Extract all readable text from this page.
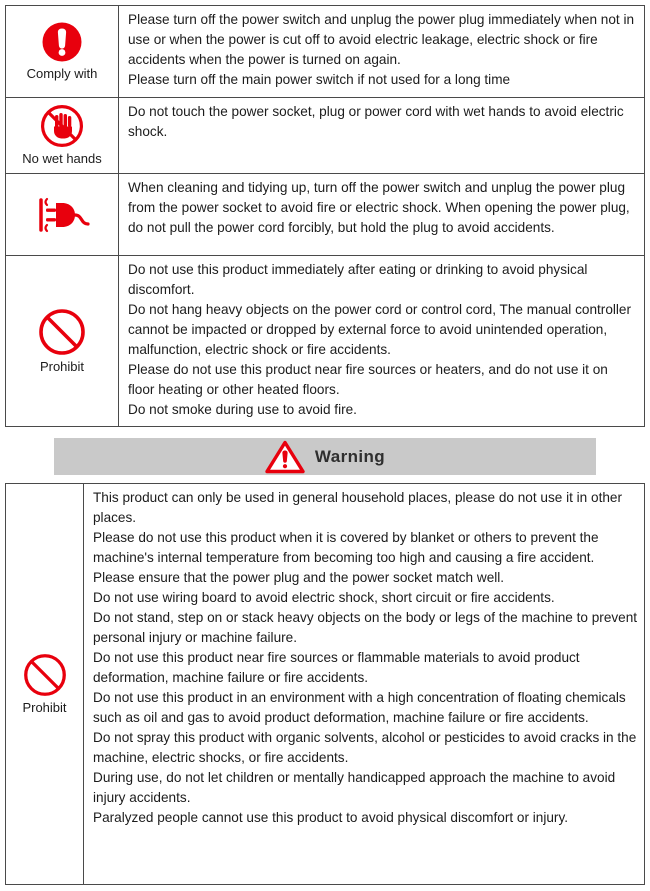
Comply with

Please turn off the power switch and unplug the power plug immediately when not in use or when the power is cut off to avoid electric leakage, electric shock or fire accidents when the power is turned on again.

Please turn off the main power switch if not used for a long time

No wet hands

Do not touch the power socket, plug or power cord with wet hands to avoid electric shock.

When cleaning and tidying up, turn off the power switch and unplug the power plug from the power socket to avoid fire or electric shock. When opening the power plug, do not pull the power cord forcibly, but hold the plug to avoid accidents.

Prohibit

Do not use this product immediately after eating or drinking to avoid physical discomfort.

Do not hang heavy objects on the power cord or control cord, The manual controller cannot be impacted or dropped by external force to avoid unintended operation, malfunction, electric shock or fire accidents.

Please do not use this product near fire sources or heaters, and do not use it on floor heating or other heated floors.

Do not smoke during use to avoid fire.

Warning
Prohibit

This product can only be used in general household places, please do not use it in other places.

Please do not use this product when it is covered by blanket or others to prevent the machine's internal temperature from becoming too high and causing a fire accident.

Please ensure that the power plug and the power socket match well.

Do not use wiring board to avoid electric shock, short circuit or fire accidents.

Do not stand, step on or stack heavy objects on the body or legs of the machine to prevent personal injury or machine failure.

Do not use this product near fire sources or flammable materials to avoid product deformation, machine failure or fire accidents.

Do not use this product in an environment with a high concentration of floating chemicals such as oil and gas to avoid product deformation, machine failure or fire accidents.

Do not spray this product with organic solvents, alcohol or pesticides to avoid cracks in the machine, electric shocks, or fire accidents.

During use, do not let children or mentally handicapped approach the machine to avoid injury accidents.

Paralyzed people cannot use this product to avoid physical discomfort or injury.
